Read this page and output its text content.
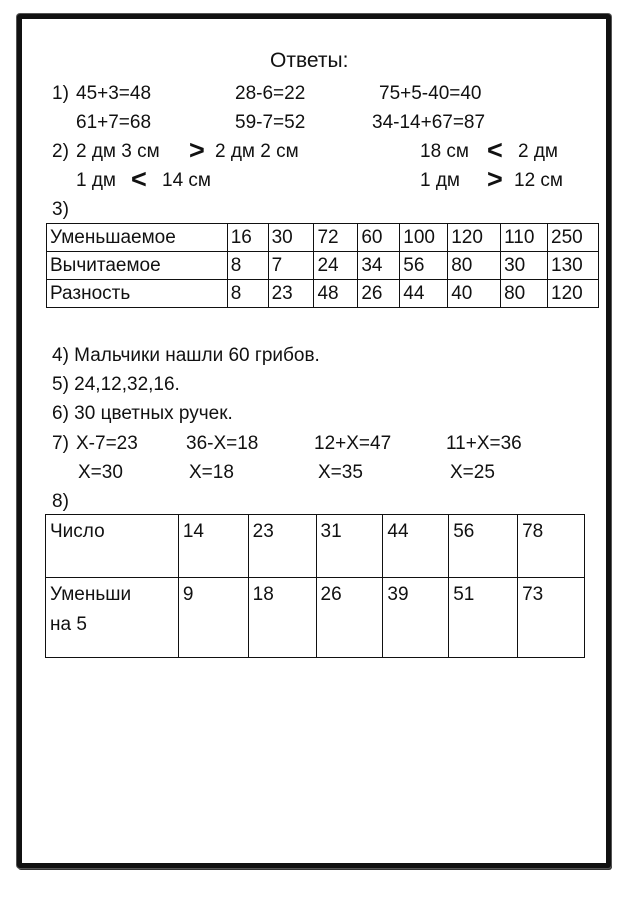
Ответы:
1) 45+3=48	28-6=22	75+5-40=40
61+7=68	59-7=52	34-14+67=87
2) 2 дм 3 см > 2 дм 2 см	18 см < 2 дм
1 дм < 14 см	1 дм > 12 см
3)
Уменьшаемое	16	30	72	60	100	120	110	250
Вычитаемое	8	7	24	34	56	80	30	130
Разность	8	23	48	26	44	40	80	120
4) Мальчики нашли 60 грибов.
5) 24,12,32,16.
6) 30 цветных ручек.
7) Х-7=23	36-Х=18	12+Х=47	11+Х=36
Х=30	Х=18	Х=35	Х=25
8)
Число	14	23	31	44	56	78
Уменьши
на 5	9	18	26	39	51	73
